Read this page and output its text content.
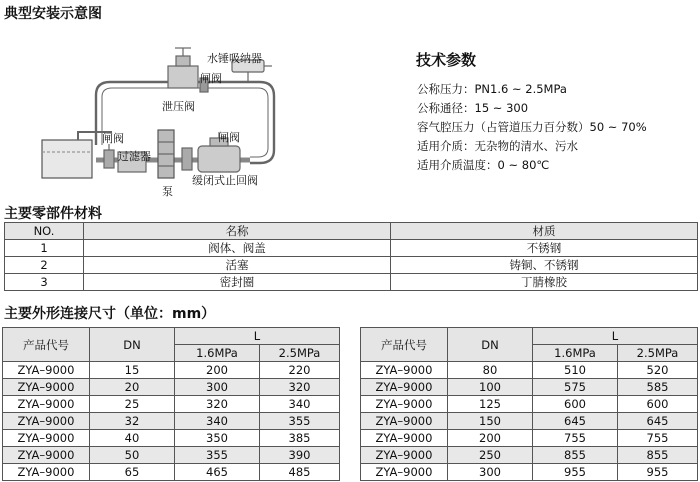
典型安装示意图
水锤吸纳器
闸阀
泄压阀
闸阀
过滤器
闸阀
泵
缓闭式止回阀
技术参数
公称压力：PN1.6 ~ 2.5MPa
公称通径：15 ~ 300
容气腔压力（占管道压力百分数）50 ~ 70%
适用介质：无杂物的清水、污水
适用介质温度：0 ~ 80℃
主要零部件材料
NO.	名称	材质
1	阀体、阀盖	不锈钢
2	活塞	铸铜、不锈钢
3	密封圈	丁腈橡胶
主要外形连接尺寸（单位：mm）
产品代号	DN	L	
		1.6MPa	2.5MPa
ZYA–9000	15	200	220
ZYA–9000	20	300	320
ZYA–9000	25	320	340
ZYA–9000	32	340	355
ZYA–9000	40	350	385
ZYA–9000	50	355	390
ZYA–9000	65	465	485
产品代号	DN	L	
		1.6MPa	2.5MPa
ZYA–9000	80	510	520
ZYA–9000	100	575	585
ZYA–9000	125	600	600
ZYA–9000	150	645	645
ZYA–9000	200	755	755
ZYA–9000	250	855	855
ZYA–9000	300	955	955
